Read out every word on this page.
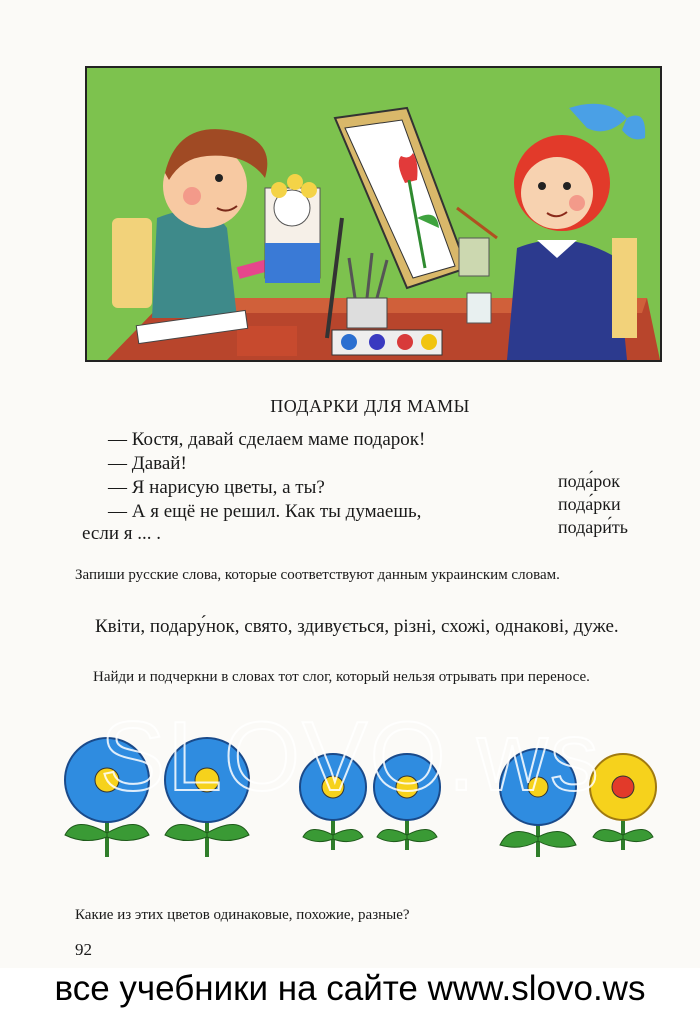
ПОДАРКИ ДЛЯ МАМЫ
— Костя, давай сделаем маме подарок!
— Давай!
— Я нарисую цветы, а ты?
— А я ещё не решил. Как ты думаешь,
если я ... .
пода́рок
пода́рки
подари́ть
Запиши русские слова, которые соответствуют данным украинским словам.
Квіти, подару́нок, свято, здивується, різні, схожі, однакові, дуже.
Найди и подчеркни в словах тот слог, который нельзя отрывать при переносе.
SLOVO.ws
Какие из этих цветов одинаковые, похожие, разные?
92
все учебники на сайте www.slovo.ws
